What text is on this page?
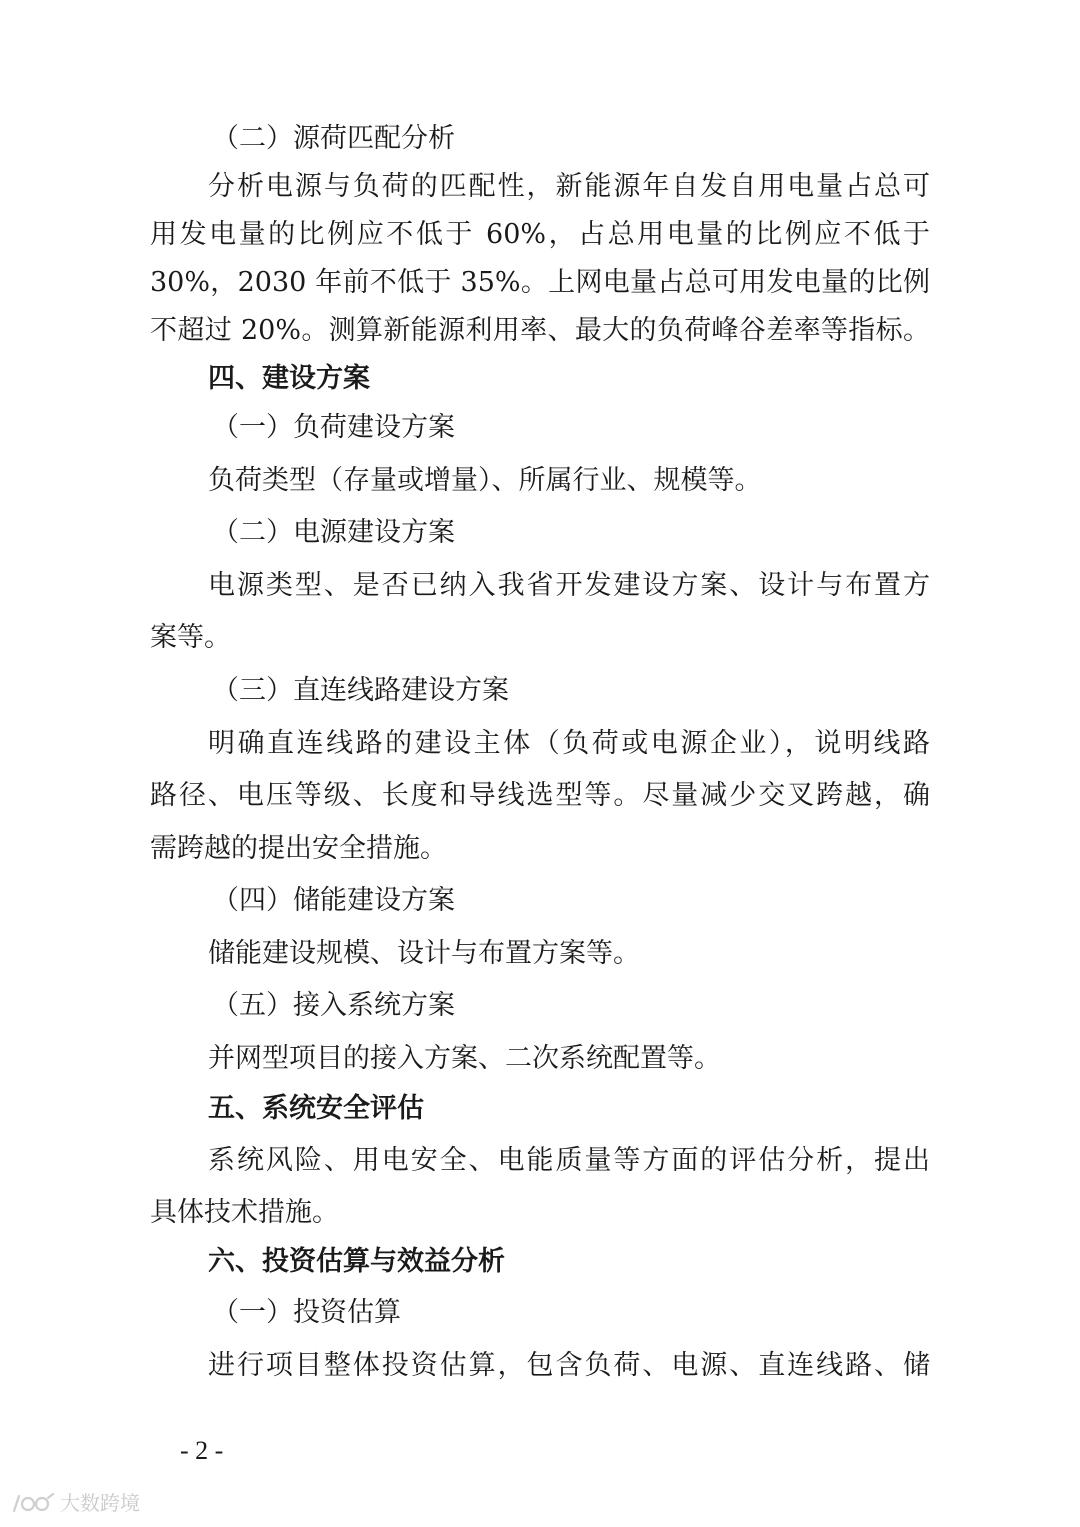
（二）源荷匹配分析

分析电源与负荷的匹配性，新能源年自发自用电量占总可

用发电量的比例应不低于 60%，占总用电量的比例应不低于

30%，2030 年前不低于 35%。上网电量占总可用发电量的比例

不超过 20%。测算新能源利用率、最大的负荷峰谷差率等指标。

四、建设方案

（一）负荷建设方案

负荷类型（存量或增量）、所属行业、规模等。

（二）电源建设方案

电源类型、是否已纳入我省开发建设方案、设计与布置方

案等。

（三）直连线路建设方案

明确直连线路的建设主体（负荷或电源企业），说明线路

路径、电压等级、长度和导线选型等。尽量减少交叉跨越，确

需跨越的提出安全措施。

（四）储能建设方案

储能建设规模、设计与布置方案等。

（五）接入系统方案

并网型项目的接入方案、二次系统配置等。

五、系统安全评估

系统风险、用电安全、电能质量等方面的评估分析，提出

具体技术措施。

六、投资估算与效益分析

（一）投资估算

进行项目整体投资估算，包含负荷、电源、直连线路、储

- 2 -
大数跨境
